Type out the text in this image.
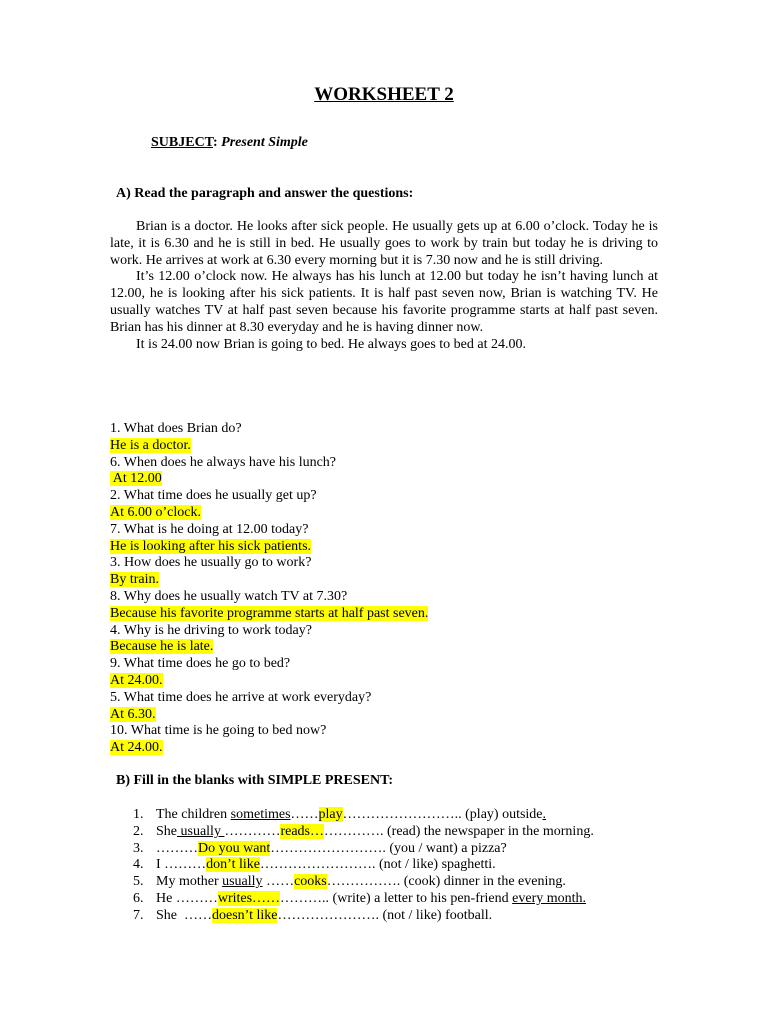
WORKSHEET 2
SUBJECT: Present Simple
A) Read the paragraph and answer the questions:

Brian is a doctor. He looks after sick people. He usually gets up at 6.00 o’clock. Today he is late, it is 6.30 and he is still in bed. He usually goes to work by train but today he is driving to work. He arrives at work at 6.30 every morning but it is 7.30 now and he is still driving.

It’s 12.00 o’clock now. He always has his lunch at 12.00 but today he isn’t having lunch at 12.00, he is looking after his sick patients. It is half past seven now, Brian is watching TV. He usually watches TV at half past seven because his favorite programme starts at half past seven. Brian has his dinner at 8.30 everyday and he is having dinner now.

It is 24.00 now Brian is going to bed. He always goes to bed at 24.00.

1. What does Brian do?
He is a doctor.
6. When does he always have his lunch?
At 12.00
2. What time does he usually get up?
At 6.00 o’clock.
7. What is he doing at 12.00 today?
He is looking after his sick patients.
3. How does he usually go to work?
By train.
8. Why does he usually watch TV at 7.30?
Because his favorite programme starts at half past seven.
4. Why is he driving to work today?
Because he is late.
9. What time does he go to bed?
At 24.00.
5. What time does he arrive at work everyday?
At 6.30.
10. What time is he going to bed now?
At 24.00.
B) Fill in the blanks with SIMPLE PRESENT:
1. The children sometimes……play…………………….. (play) outside.
2. She usually …………reads……………. (read) the newspaper in the morning.
3. ………Do you want……………………. (you / want) a pizza?
4. I ………don’t like……………………. (not / like) spaghetti.
5. My mother usually ……cooks……………. (cook) dinner in the evening.
6. He ………writes…………….. (write) a letter to his pen-friend every month.
7. She  ……doesn’t like…………………. (not / like) football.
